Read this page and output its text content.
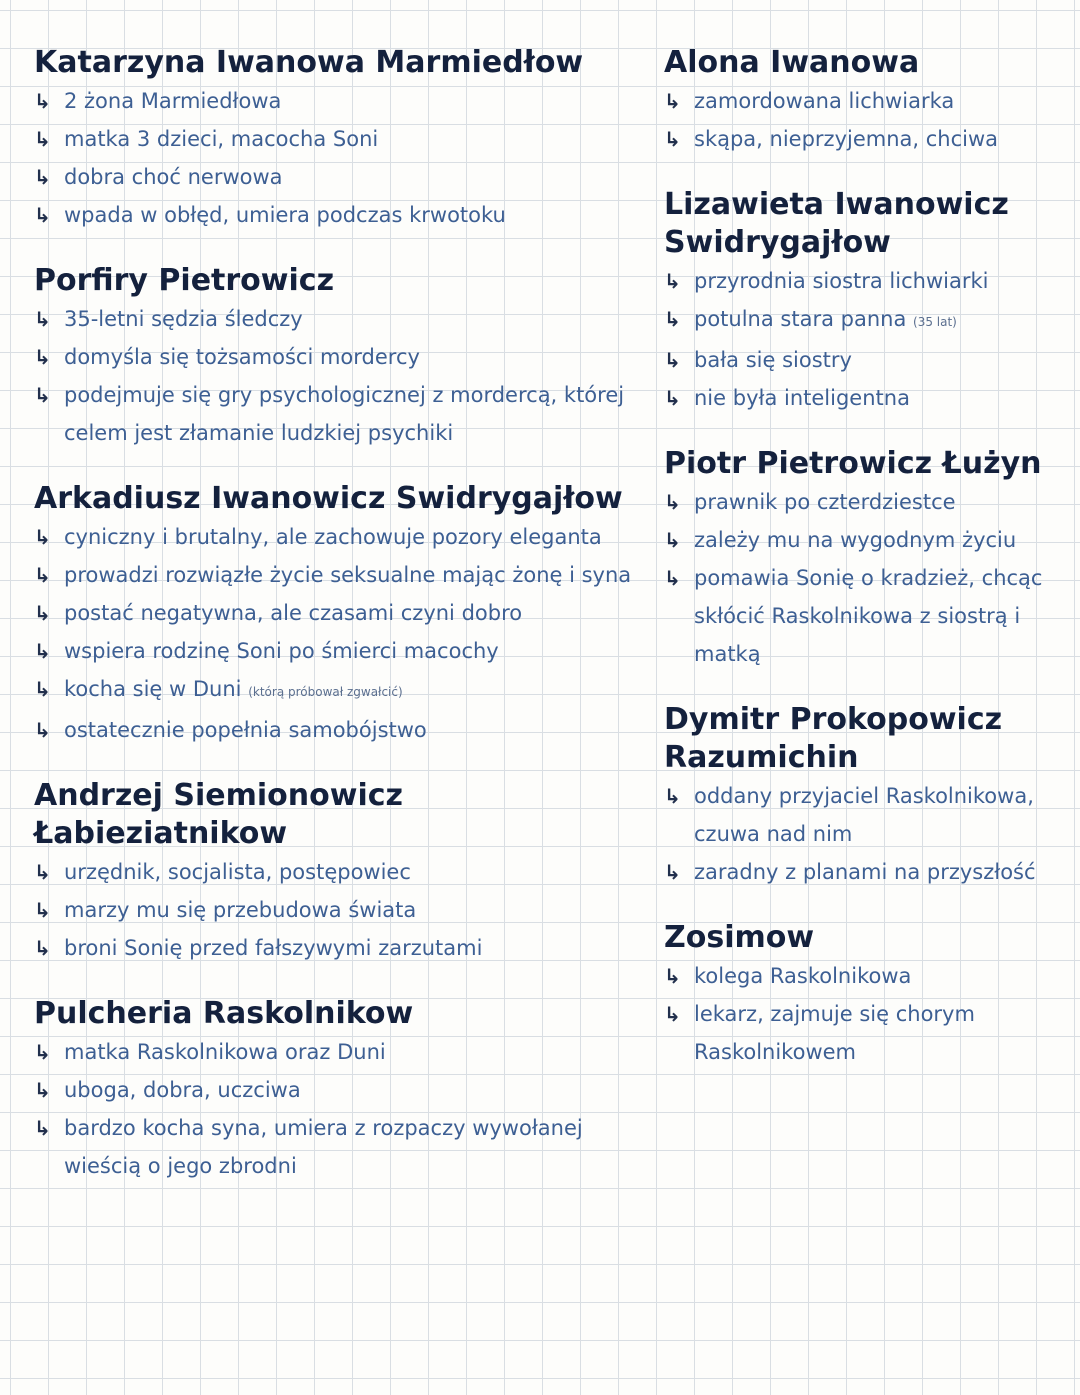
Katarzyna Iwanowa Marmiedłow

↳ 2 żona Marmiedłowa

↳ matka 3 dzieci, macocha Soni

↳ dobra choć nerwowa

↳ wpada w obłęd, umiera podczas krwotoku

Porfiry Pietrowicz

↳ 35-letni sędzia śledczy

↳ domyśla się tożsamości mordercy

↳ podejmuje się gry psychologicznej z mordercą, której celem jest złamanie ludzkiej psychiki

Arkadiusz Iwanowicz Swidrygajłow

↳ cyniczny i brutalny, ale zachowuje pozory eleganta

↳ prowadzi rozwiązłe życie seksualne mając żonę i syna

↳ postać negatywna, ale czasami czyni dobro

↳ wspiera rodzinę Soni po śmierci macochy

↳ kocha się w Duni (którą próbował zgwałcić)

↳ ostatecznie popełnia samobójstwo

Andrzej Siemionowicz Łabieziatnikow

↳ urzędnik, socjalista, postępowiec

↳ marzy mu się przebudowa świata

↳ broni Sonię przed fałszywymi zarzutami

Pulcheria Raskolnikow

↳ matka Raskolnikowa oraz Duni

↳ uboga, dobra, uczciwa

↳ bardzo kocha syna, umiera z rozpaczy wywołanej wieścią o jego zbrodni

Alona Iwanowa

↳ zamordowana lichwiarka

↳ skąpa, nieprzyjemna, chciwa

Lizawieta Iwanowicz Swidrygajłow

↳ przyrodnia siostra lichwiarki

↳ potulna stara panna (35 lat)

↳ bała się siostry

↳ nie była inteligentna

Piotr Pietrowicz Łużyn

↳ prawnik po czterdziestce

↳ zależy mu na wygodnym życiu

↳ pomawia Sonię o kradzież, chcąc skłócić Raskolnikowa z siostrą i matką

Dymitr Prokopowicz Razumichin

↳ oddany przyjaciel Raskolnikowa, czuwa nad nim

↳ zaradny z planami na przyszłość

Zosimow

↳ kolega Raskolnikowa

↳ lekarz, zajmuje się chorym Raskolnikowem
